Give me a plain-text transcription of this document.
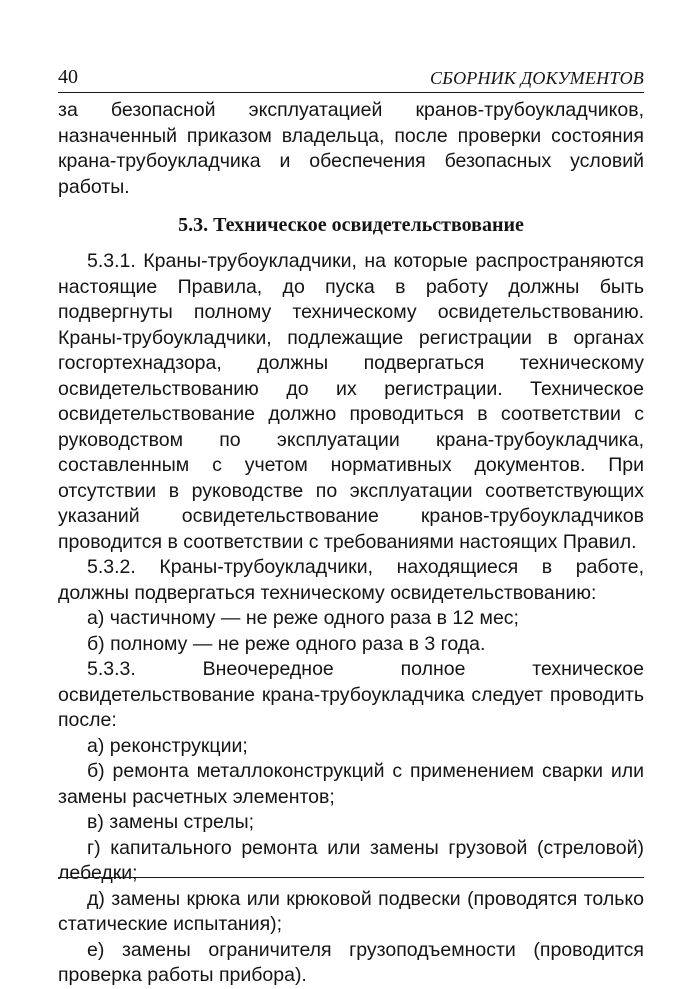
40	СБОРНИК ДОКУМЕНТОВ

за безопасной эксплуатацией кранов-трубоукладчиков, назначенный приказом владельца, после проверки состояния крана-трубоукладчика и обеспечения безопасных условий работы.

5.3. Техническое освидетельствование

5.3.1. Краны-трубоукладчики, на которые распространяются настоящие Правила, до пуска в работу должны быть подвергнуты полному техническому освидетельствованию. Краны-трубоукладчики, подлежащие регистрации в органах госгортехнадзора, должны подвергаться техническому освидетельствованию до их регистрации. Техническое освидетельствование должно проводиться в соответствии с руководством по эксплуатации крана-трубоукладчика, составленным с учетом нормативных документов. При отсутствии в руководстве по эксплуатации соответствующих указаний освидетельствование кранов-трубоукладчиков проводится в соответствии с требованиями настоящих Правил.

5.3.2. Краны-трубоукладчики, находящиеся в работе, должны подвергаться техническому освидетельствованию:

а) частичному — не реже одного раза в 12 мес;

б) полному — не реже одного раза в 3 года.

5.3.3. Внеочередное полное техническое освидетельствование крана-трубоукладчика следует проводить после:

а) реконструкции;

б) ремонта металлоконструкций с применением сварки или замены расчетных элементов;

в) замены стрелы;

г) капитального ремонта или замены грузовой (стреловой) лебедки;

д) замены крюка или крюковой подвески (проводятся только статические испытания);

е) замены ограничителя грузоподъемности (проводится проверка работы прибора).
